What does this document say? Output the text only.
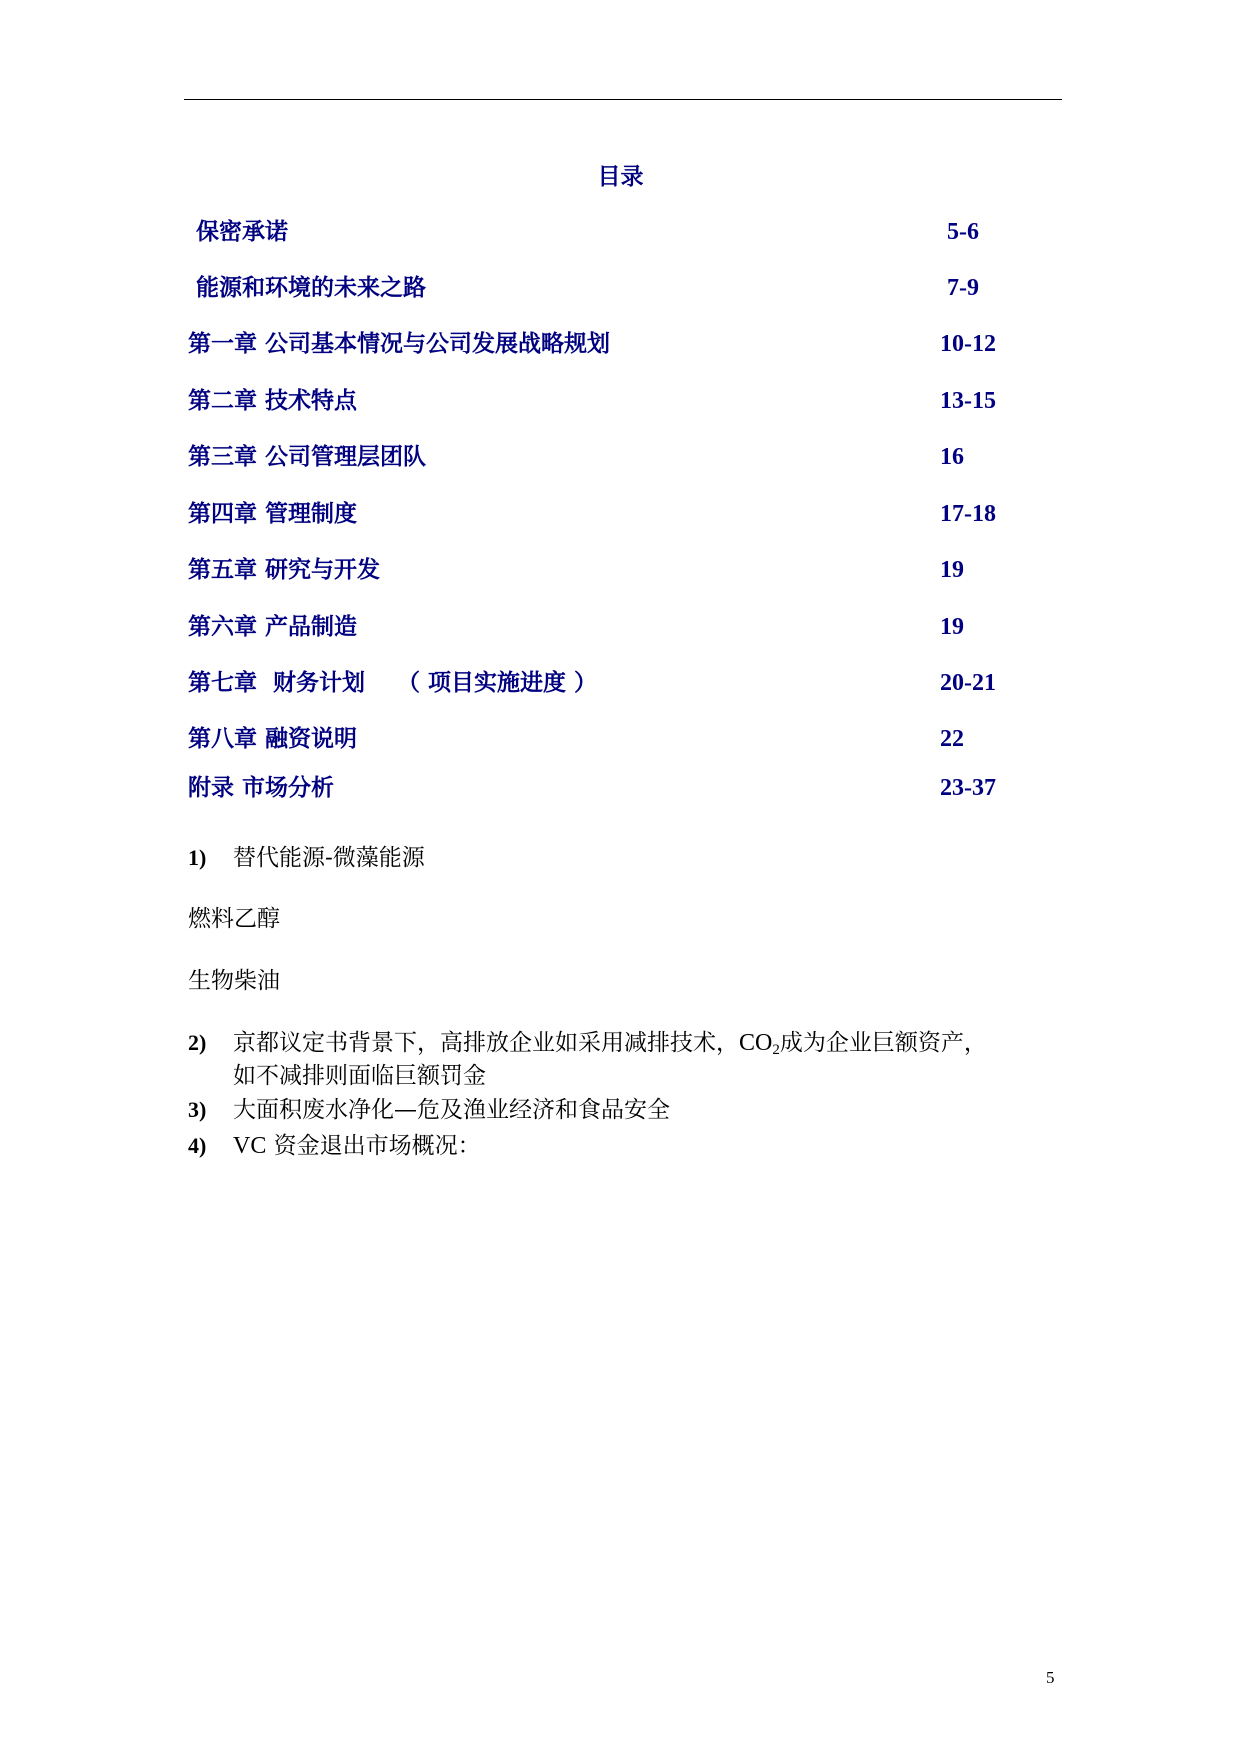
目录
保密承诺	5-6
能源和环境的未来之路	7-9
第一章 公司基本情况与公司发展战略规划	10-12
第二章 技术特点	13-15
第三章 公司管理层团队	16
第四章 管理制度	17-18
第五章 研究与开发	19
第六章 产品制造	19
第七章  财务计划    （ 项目实施进度 ）	20-21
第八章 融资说明	22
附录 市场分析	23-37
1) 替代能源-微藻能源
燃料乙醇
生物柴油
2) 京都议定书背景下，高排放企业如采用减排技术，$CO_2$成为企业巨额资产，
如不减排则面临巨额罚金
3) 大面积废水净化—危及渔业经济和食品安全
4) VC 资金退出市场概况：
5
